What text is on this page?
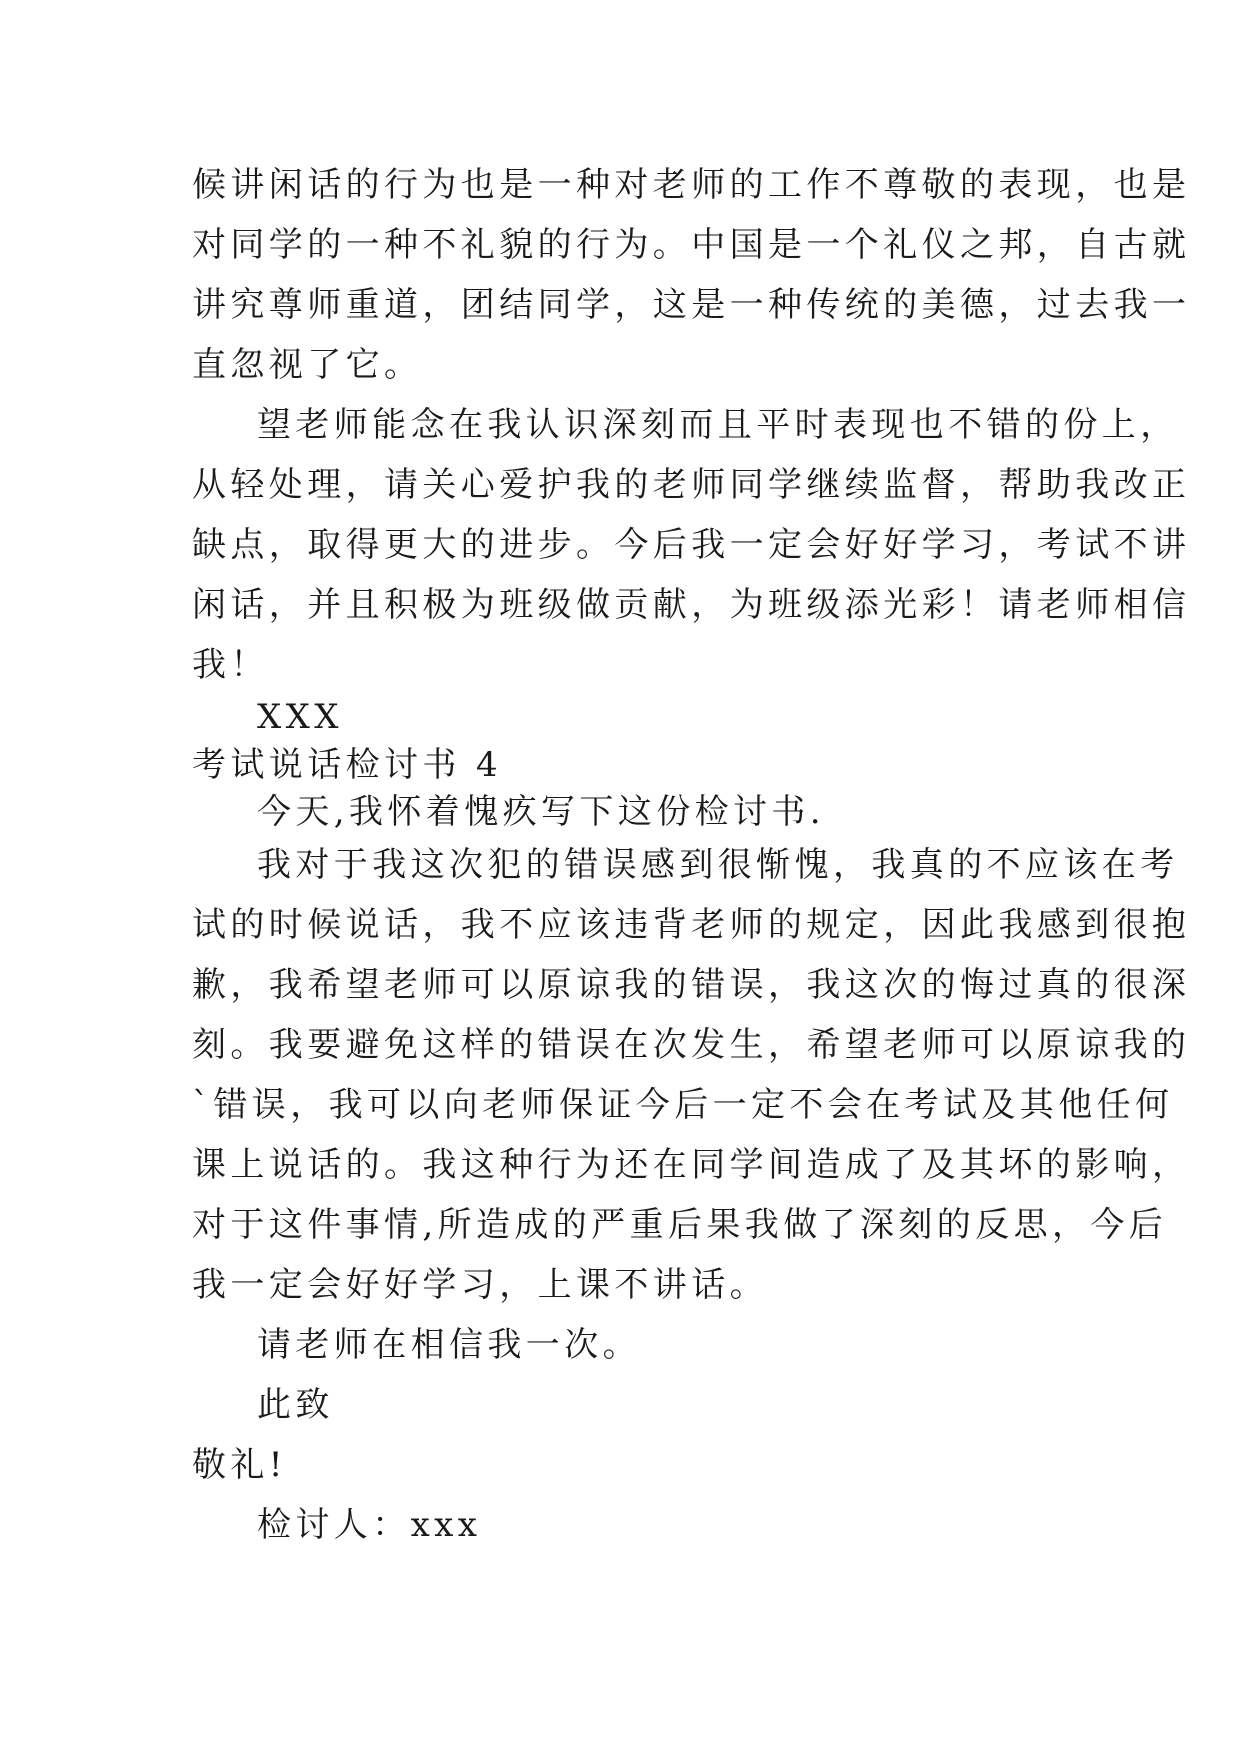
候讲闲话的行为也是一种对老师的工作不尊敬的表现，也是
对同学的一种不礼貌的行为。中国是一个礼仪之邦，自古就
讲究尊师重道，团结同学，这是一种传统的美德，过去我一
直忽视了它。
望老师能念在我认识深刻而且平时表现也不错的份上，
从轻处理，请关心爱护我的老师同学继续监督，帮助我改正
缺点，取得更大的进步。今后我一定会好好学习，考试不讲
闲话，并且积极为班级做贡献，为班级添光彩！请老师相信
我！
XXX
考试说话检讨书 4
今天,我怀着愧疚写下这份检讨书.
我对于我这次犯的错误感到很惭愧，我真的不应该在考
试的时候说话，我不应该违背老师的规定，因此我感到很抱
歉，我希望老师可以原谅我的错误，我这次的悔过真的很深
刻。我要避免这样的错误在次发生，希望老师可以原谅我的
`错误，我可以向老师保证今后一定不会在考试及其他任何
课上说话的。我这种行为还在同学间造成了及其坏的影响，
对于这件事情,所造成的严重后果我做了深刻的反思，今后
我一定会好好学习，上课不讲话。
请老师在相信我一次。
此致
敬礼!
检讨人：xxx
